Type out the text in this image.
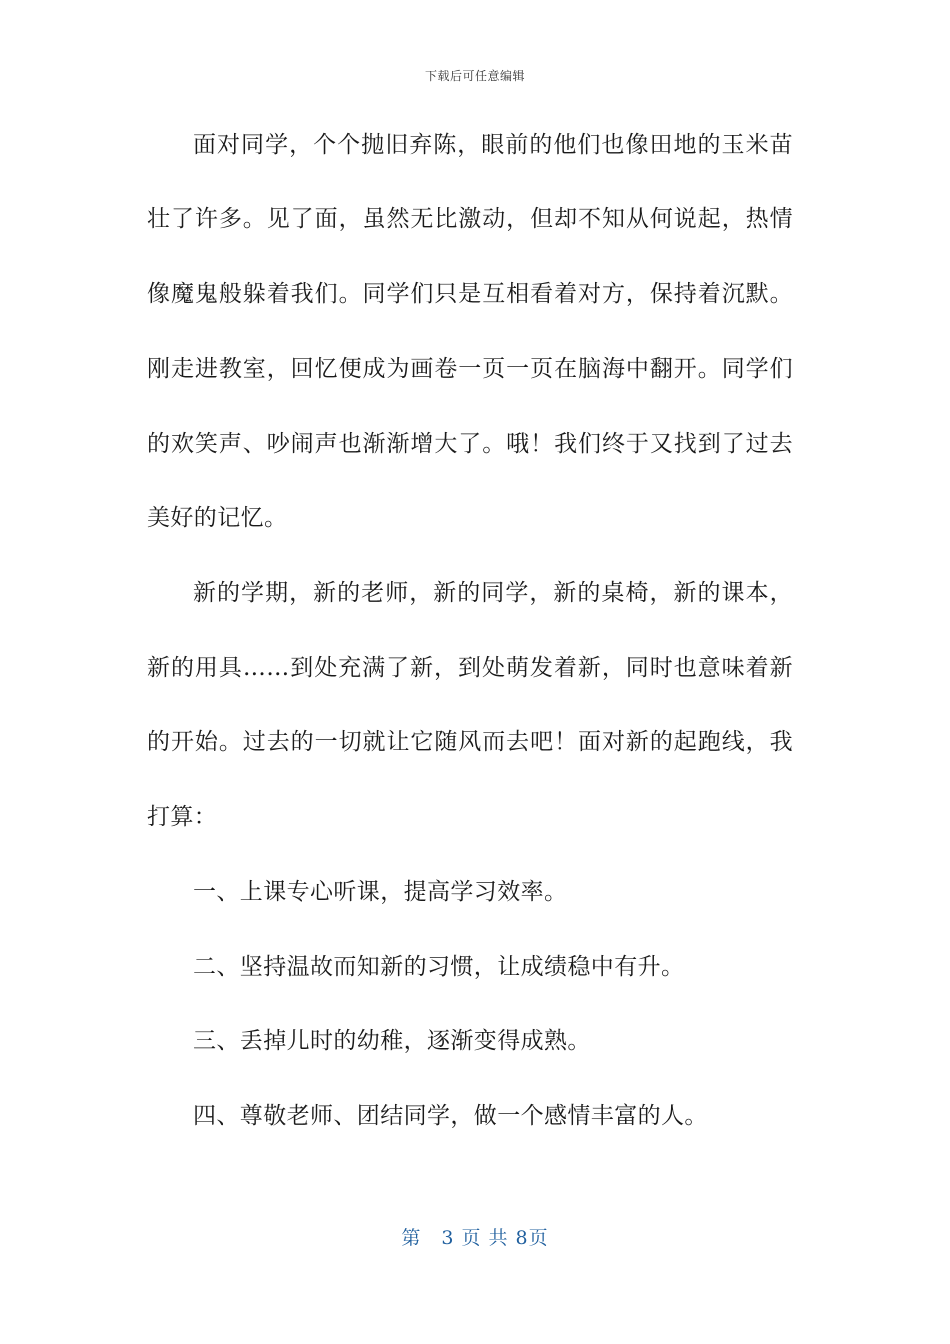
下载后可任意编辑
面对同学，个个抛旧弃陈，眼前的他们也像田地的玉米苗
壮了许多。见了面，虽然无比激动，但却不知从何说起，热情
像魔鬼般躲着我们。同学们只是互相看着对方，保持着沉默。
刚走进教室，回忆便成为画卷一页一页在脑海中翻开。同学们
的欢笑声、吵闹声也渐渐增大了。哦！我们终于又找到了过去
美好的记忆。
新的学期，新的老师，新的同学，新的桌椅，新的课本，
新的用具……到处充满了新，到处萌发着新，同时也意味着新
的开始。过去的一切就让它随风而去吧！面对新的起跑线，我
打算：
一、上课专心听课，提高学习效率。
二、坚持温故而知新的习惯，让成绩稳中有升。
三、丢掉儿时的幼稚，逐渐变得成熟。
四、尊敬老师、团结同学，做一个感情丰富的人。
第　3 页 共 8页
